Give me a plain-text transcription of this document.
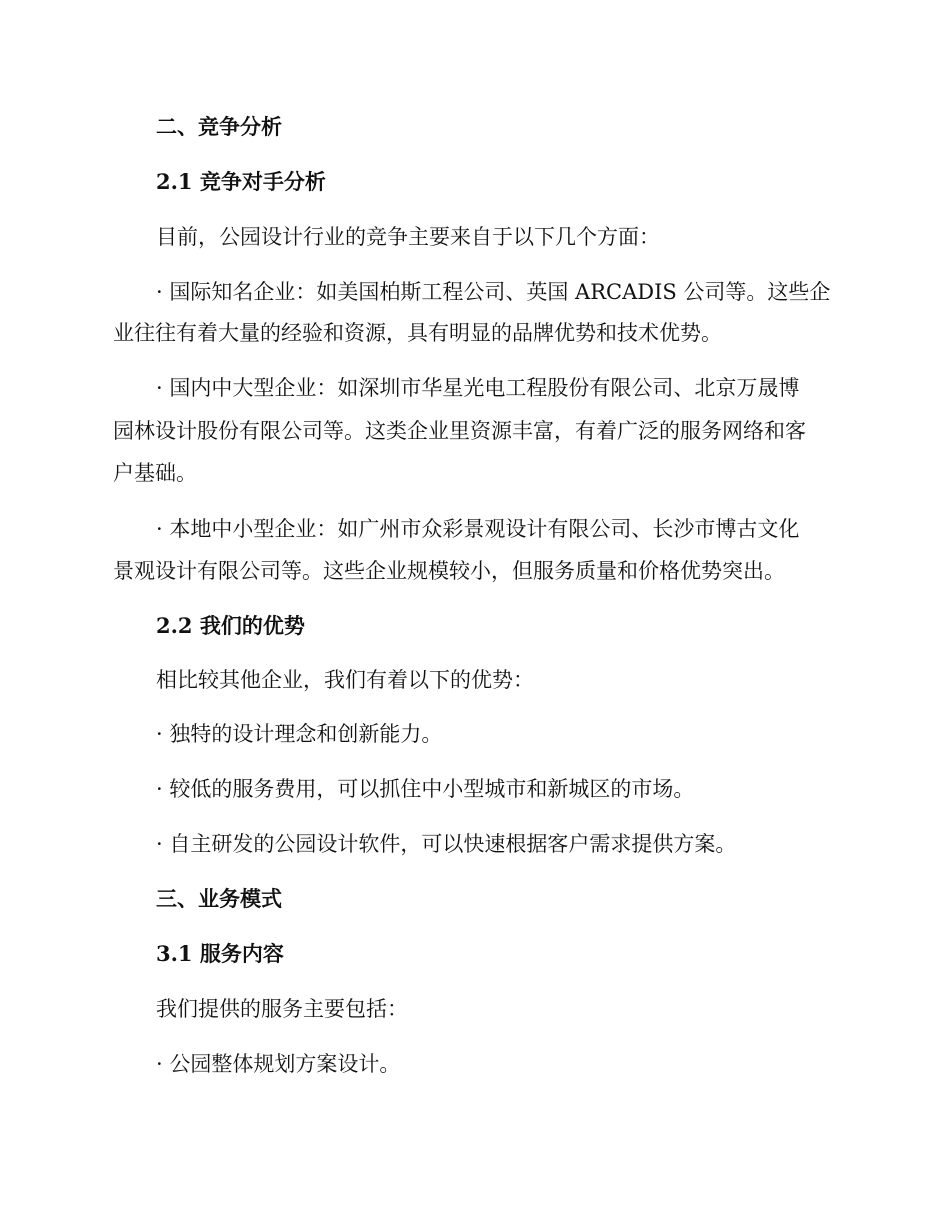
二、竞争分析
2.1 竞争对手分析
目前，公园设计行业的竞争主要来自于以下几个方面：
· 国际知名企业：如美国柏斯工程公司、英国 ARCADIS 公司等。这些企
业往往有着大量的经验和资源，具有明显的品牌优势和技术优势。
· 国内中大型企业：如深圳市华星光电工程股份有限公司、北京万晟博
园林设计股份有限公司等。这类企业里资源丰富，有着广泛的服务网络和客
户基础。
· 本地中小型企业：如广州市众彩景观设计有限公司、长沙市博古文化
景观设计有限公司等。这些企业规模较小，但服务质量和价格优势突出。
2.2 我们的优势
相比较其他企业，我们有着以下的优势：
· 独特的设计理念和创新能力。
· 较低的服务费用，可以抓住中小型城市和新城区的市场。
· 自主研发的公园设计软件，可以快速根据客户需求提供方案。
三、业务模式
3.1 服务内容
我们提供的服务主要包括：
· 公园整体规划方案设计。
